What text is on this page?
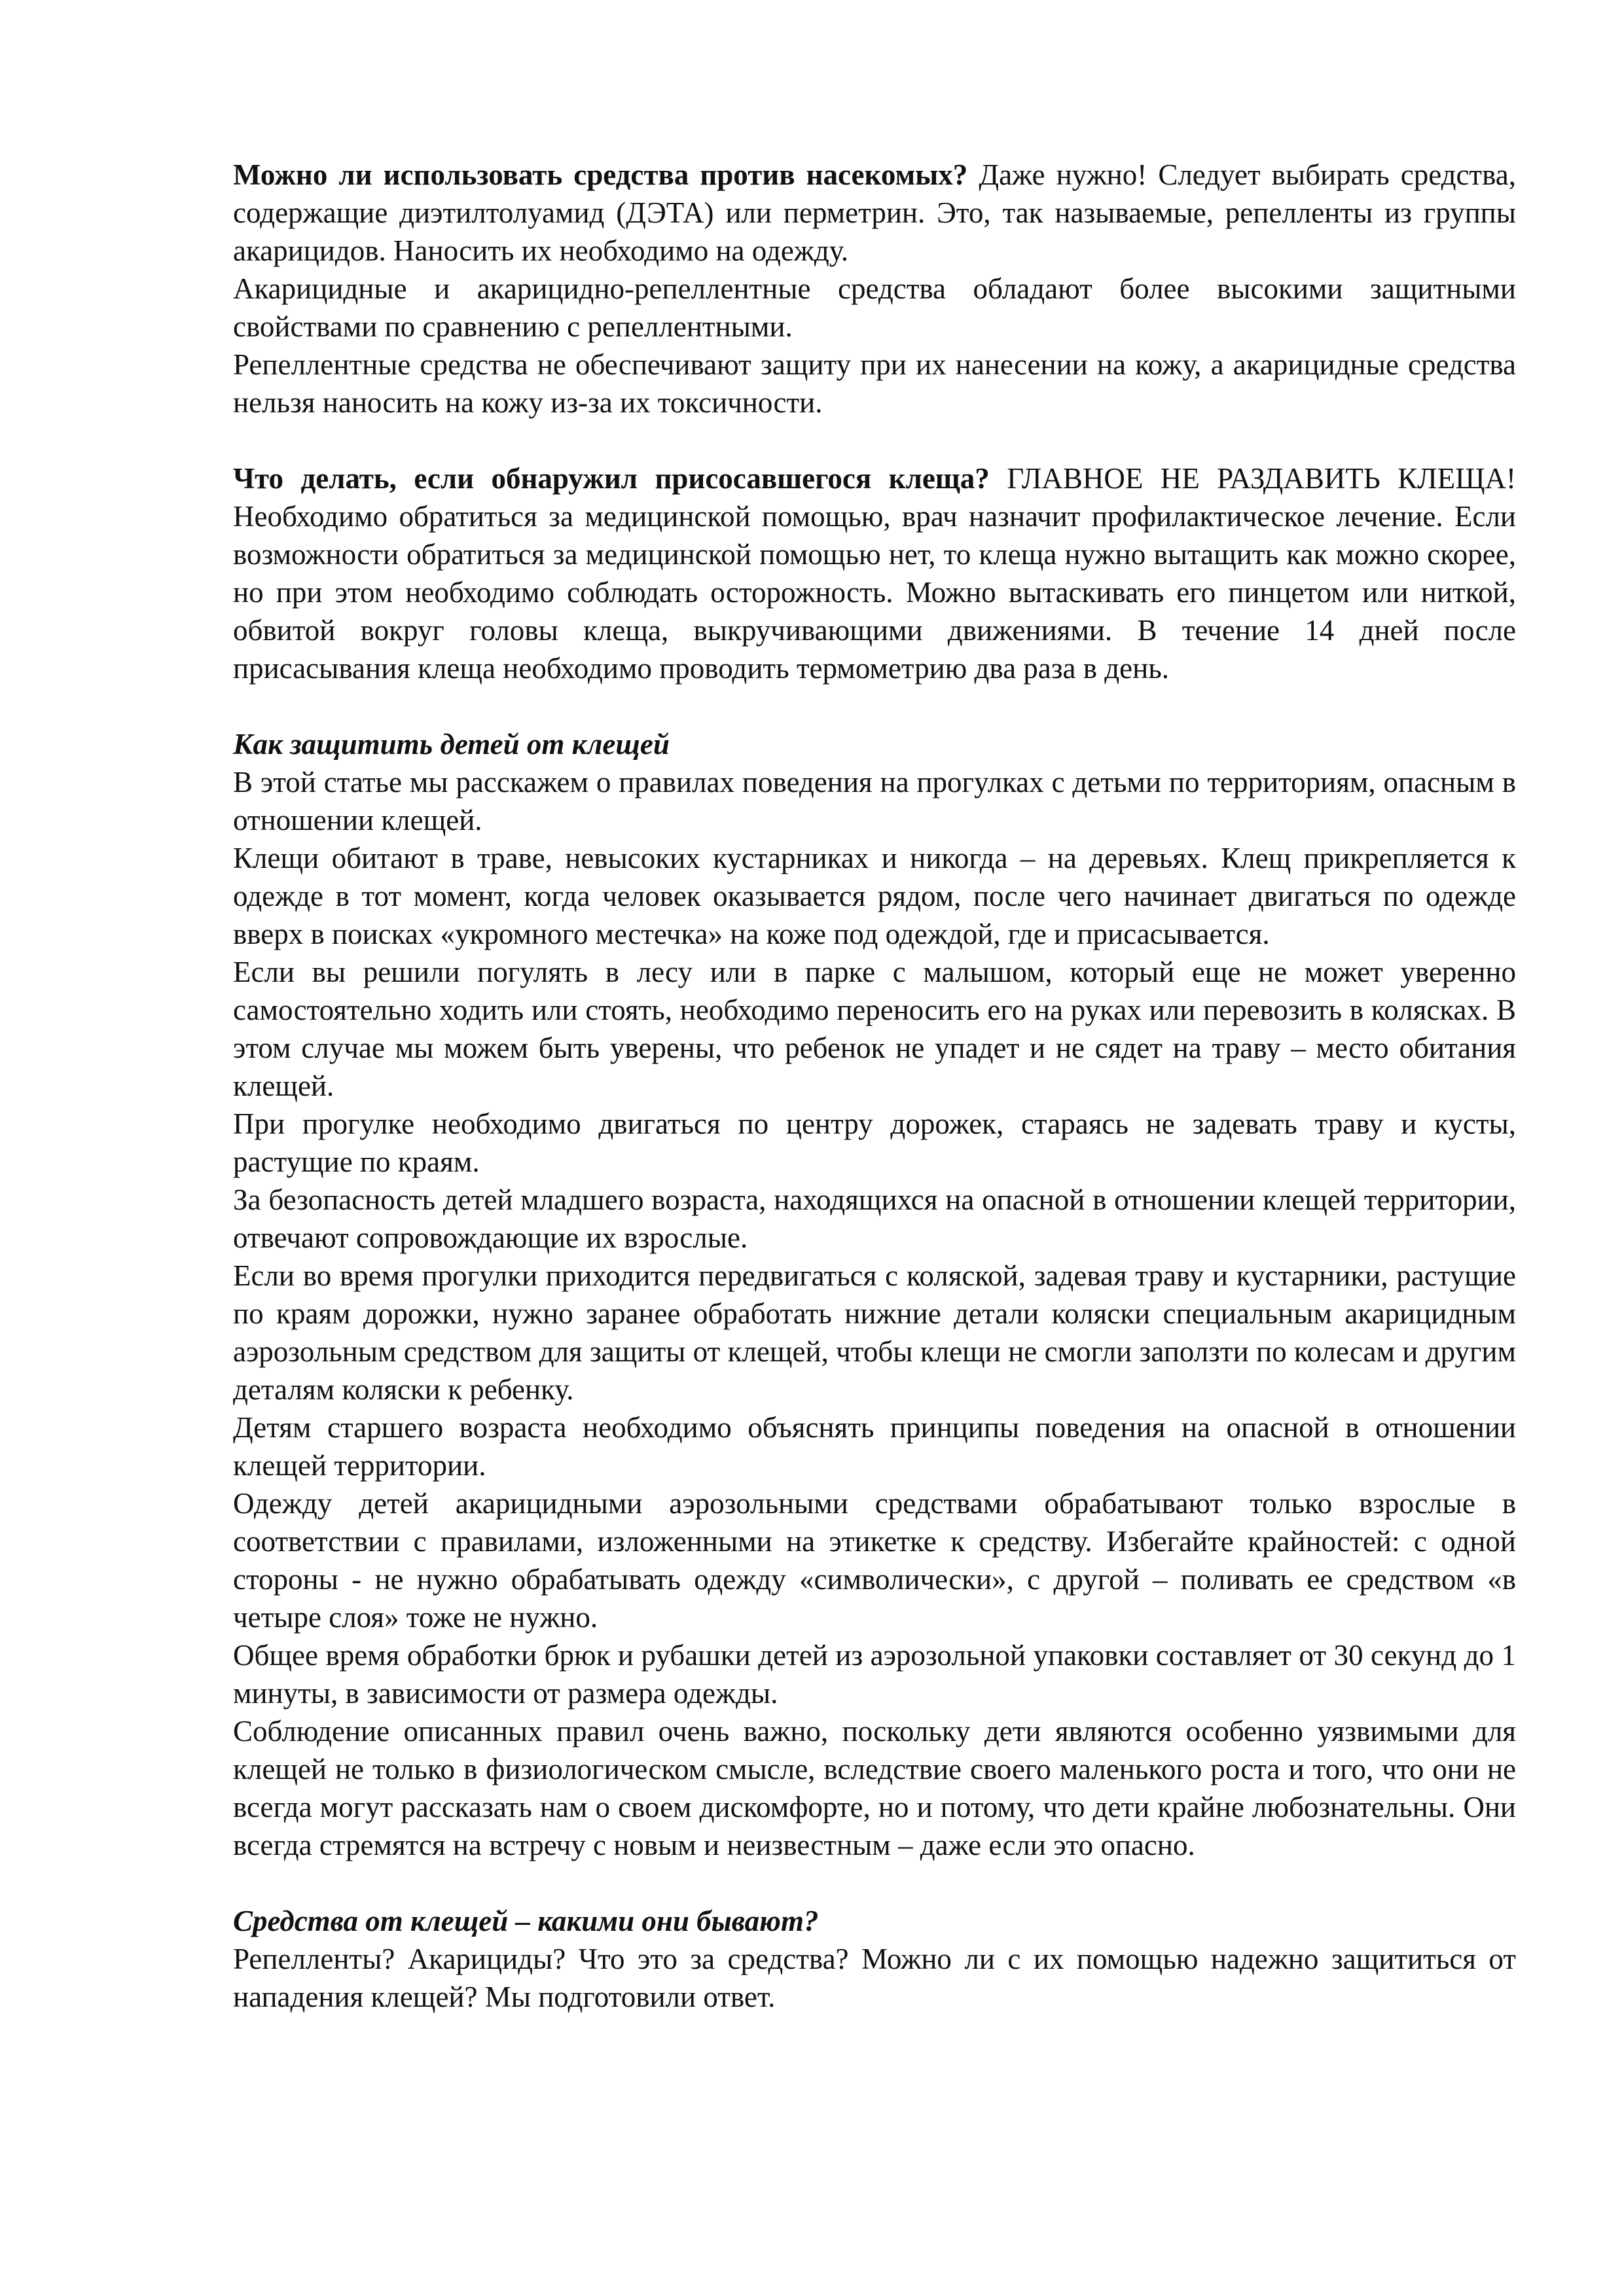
Можно ли использовать средства против насекомых? Даже нужно! Следует выбирать средства, содержащие диэтилтолуамид (ДЭТА) или перметрин. Это, так называемые, репелленты из группы акарицидов. Наносить их необходимо на одежду.

Акарицидные и акарицидно-репеллентные средства обладают более высокими защитными свойствами по сравнению с репеллентными.

Репеллентные средства не обеспечивают защиту при их нанесении на кожу, а акарицидные средства нельзя наносить на кожу из-за их токсичности.

Что делать, если обнаружил присосавшегося клеща? ГЛАВНОЕ НЕ РАЗДАВИТЬ КЛЕЩА! Необходимо обратиться за медицинской помощью, врач назначит профилактическое лечение. Если возможности обратиться за медицинской помощью нет, то клеща нужно вытащить как можно скорее, но при этом необходимо соблюдать осторожность. Можно вытаскивать его пинцетом или ниткой, обвитой вокруг головы клеща, выкручивающими движениями. В течение 14 дней после присасывания клеща необходимо проводить термометрию два раза в день.

Как защитить детей от клещей

В этой статье мы расскажем о правилах поведения на прогулках с детьми по территориям, опасным в отношении клещей.

Клещи обитают в траве, невысоких кустарниках и никогда – на деревьях. Клещ прикрепляется к одежде в тот момент, когда человек оказывается рядом, после чего начинает двигаться по одежде вверх в поисках «укромного местечка» на коже под одеждой, где и присасывается.

Если вы решили погулять в лесу или в парке с малышом, который еще не может уверенно самостоятельно ходить или стоять, необходимо переносить его на руках или перевозить в колясках. В этом случае мы можем быть уверены, что ребенок не упадет и не сядет на траву – место обитания клещей.

При прогулке необходимо двигаться по центру дорожек, стараясь не задевать траву и кусты, растущие по краям.

За безопасность детей младшего возраста, находящихся на опасной в отношении клещей территории, отвечают сопровождающие их взрослые.

Если во время прогулки приходится передвигаться с коляской, задевая траву и кустарники, растущие по краям дорожки, нужно заранее обработать нижние детали коляски специальным акарицидным аэрозольным средством для защиты от клещей, чтобы клещи не смогли заползти по колесам и другим деталям коляски к ребенку.

Детям старшего возраста необходимо объяснять принципы поведения на опасной в отношении клещей территории.

Одежду детей акарицидными аэрозольными средствами обрабатывают только взрослые в соответствии с правилами, изложенными на этикетке к средству. Избегайте крайностей: с одной стороны - не нужно обрабатывать одежду «символически», с другой – поливать ее средством «в четыре слоя» тоже не нужно.

Общее время обработки брюк и рубашки детей из аэрозольной упаковки составляет от 30 секунд до 1 минуты, в зависимости от размера одежды.

Соблюдение описанных правил очень важно, поскольку дети являются особенно уязвимыми для клещей не только в физиологическом смысле, вследствие своего маленького роста и того, что они не всегда могут рассказать нам о своем дискомфорте, но и потому, что дети крайне любознательны. Они всегда стремятся на встречу с новым и неизвестным – даже если это опасно.

Средства от клещей – какими они бывают?

Репелленты? Акарициды? Что это за средства? Можно ли с их помощью надежно защититься от нападения клещей? Мы подготовили ответ.
